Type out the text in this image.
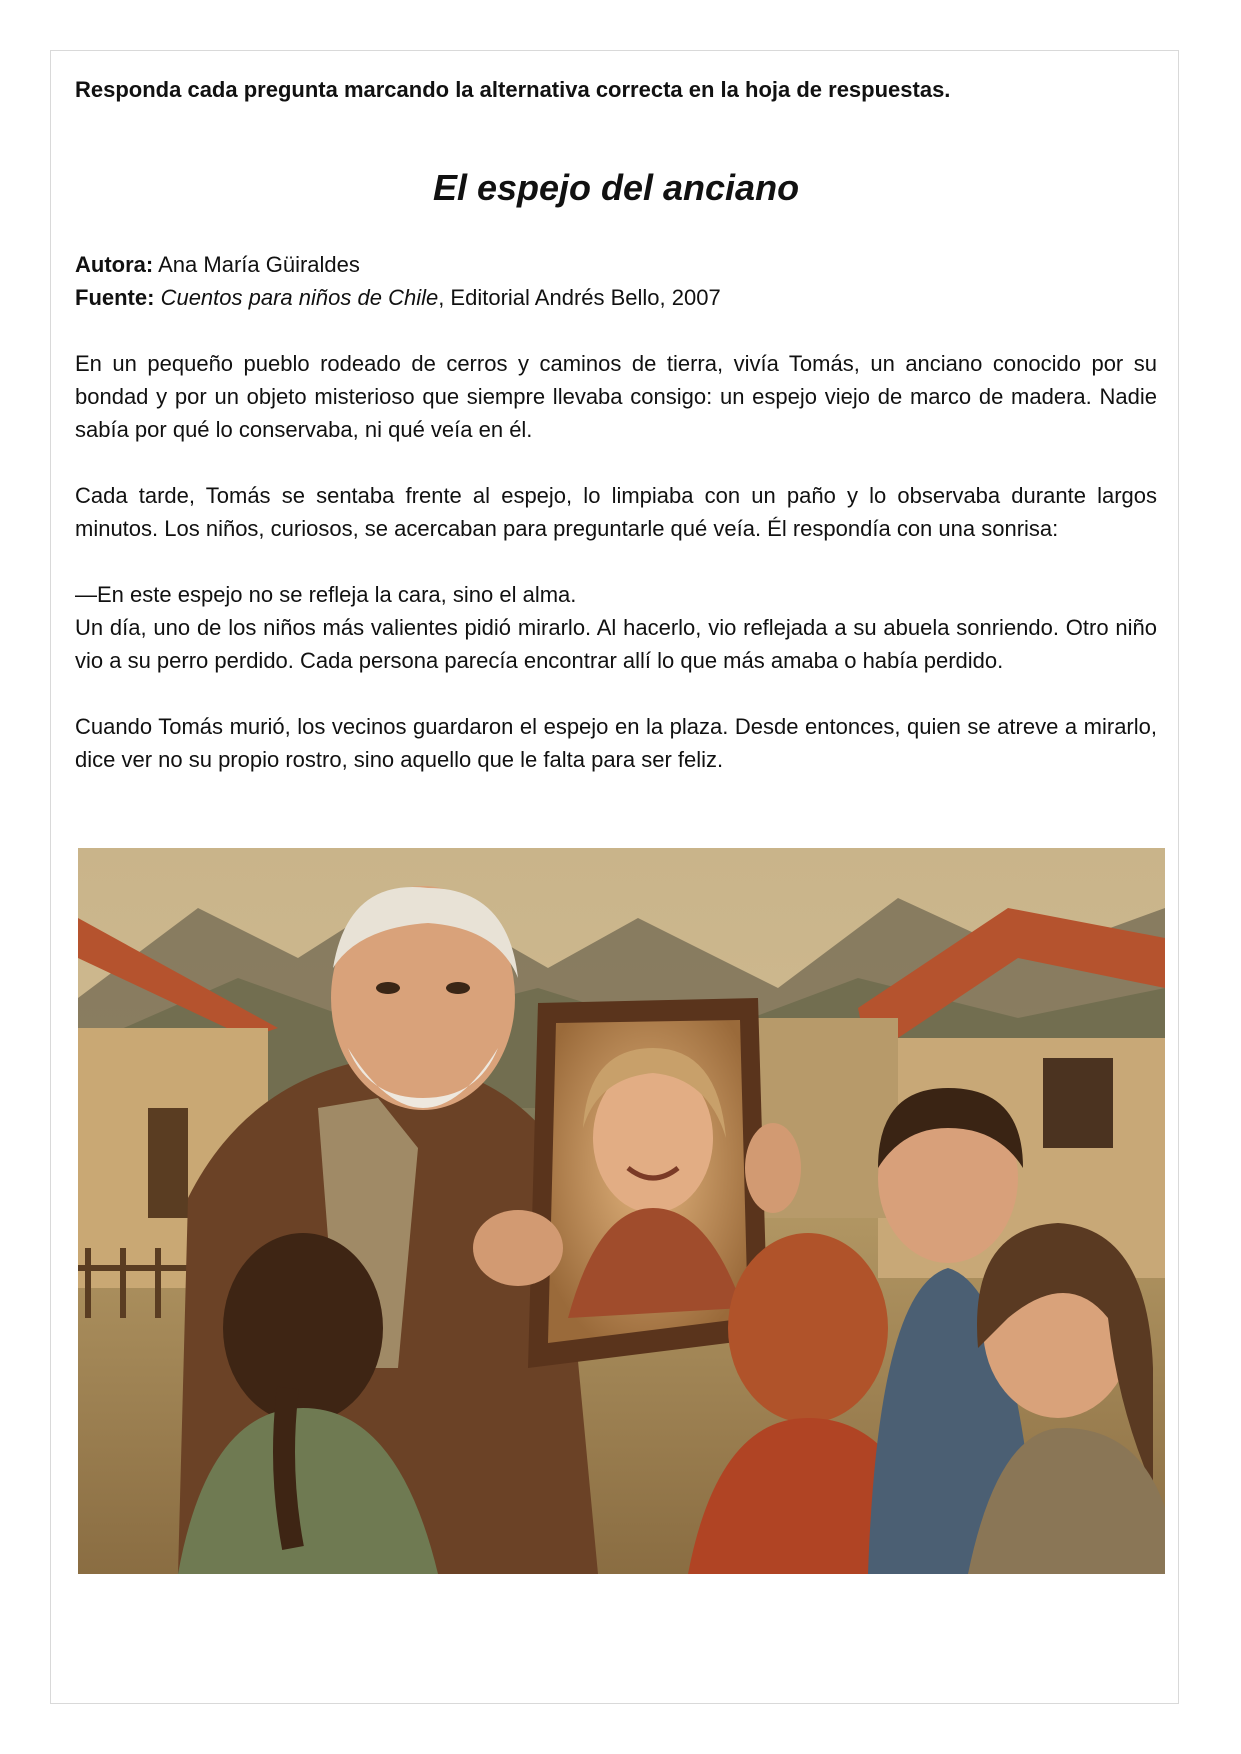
Responda cada pregunta marcando la alternativa correcta en la hoja de respuestas.

El espejo del anciano
Autora: Ana María Güiraldes
Fuente: Cuentos para niños de Chile, Editorial Andrés Bello, 2007

En un pequeño pueblo rodeado de cerros y caminos de tierra, vivía Tomás, un anciano conocido por su bondad y por un objeto misterioso que siempre llevaba consigo: un espejo viejo de marco de madera. Nadie sabía por qué lo conservaba, ni qué veía en él.

Cada tarde, Tomás se sentaba frente al espejo, lo limpiaba con un paño y lo observaba durante largos minutos. Los niños, curiosos, se acercaban para preguntarle qué veía. Él respondía con una sonrisa:

—En este espejo no se refleja la cara, sino el alma.

Un día, uno de los niños más valientes pidió mirarlo. Al hacerlo, vio reflejada a su abuela sonriendo. Otro niño vio a su perro perdido. Cada persona parecía encontrar allí lo que más amaba o había perdido.

Cuando Tomás murió, los vecinos guardaron el espejo en la plaza. Desde entonces, quien se atreve a mirarlo, dice ver no su propio rostro, sino aquello que le falta para ser feliz.
